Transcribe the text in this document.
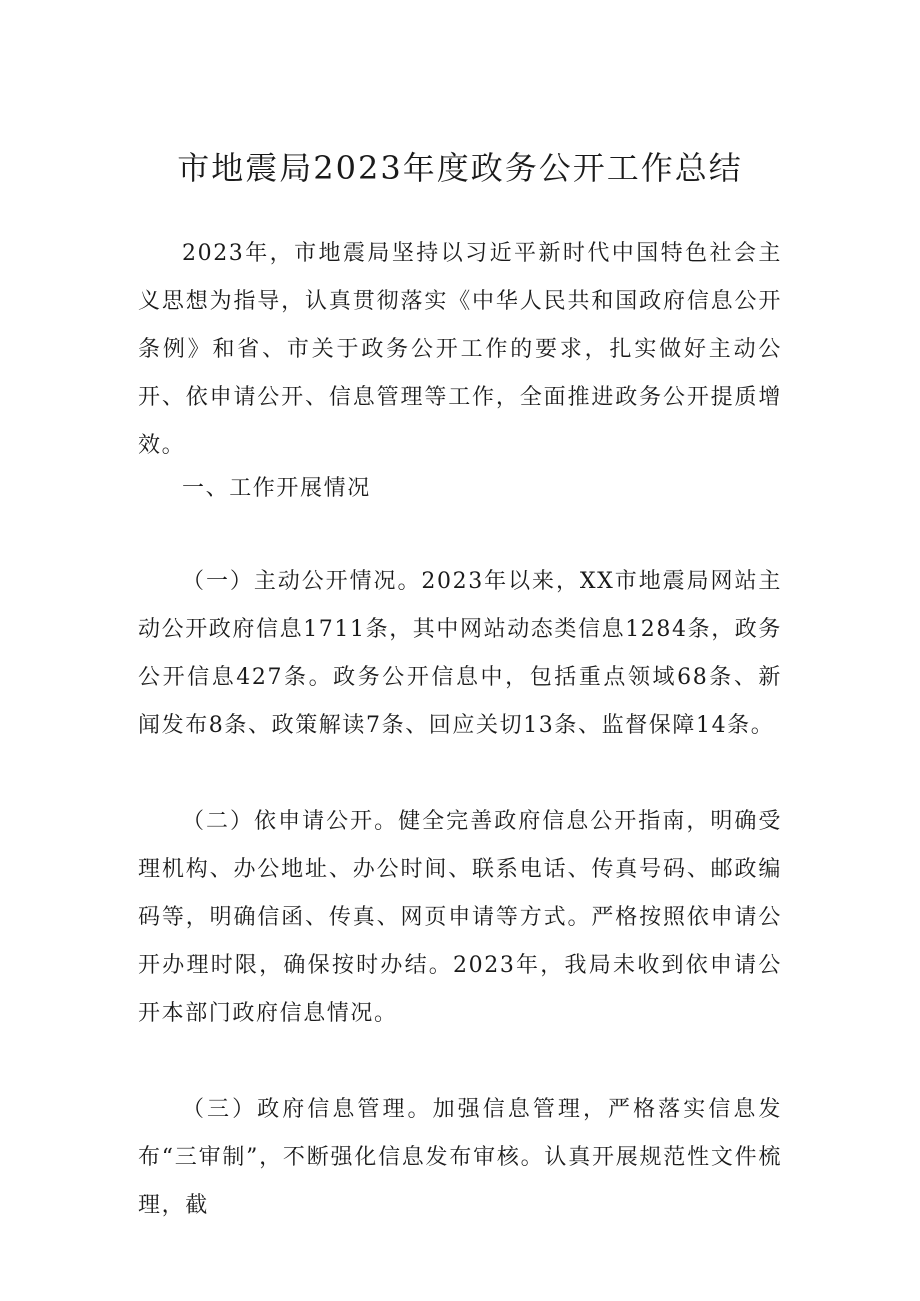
市地震局2023年度政务公开工作总结

2023年，市地震局坚持以习近平新时代中国特色社会主义思想为指导，认真贯彻落实《中华人民共和国政府信息公开条例》和省、市关于政务公开工作的要求，扎实做好主动公开、依申请公开、信息管理等工作，全面推进政务公开提质增效。

一、工作开展情况

（一）主动公开情况。2023年以来，XX市地震局网站主动公开政府信息1711条，其中网站动态类信息1284条，政务公开信息427条。政务公开信息中，包括重点领域68条、新闻发布8条、政策解读7条、回应关切13条、监督保障14条。

（二）依申请公开。健全完善政府信息公开指南，明确受理机构、办公地址、办公时间、联系电话、传真号码、邮政编码等，明确信函、传真、网页申请等方式。严格按照依申请公开办理时限，确保按时办结。2023年，我局未收到依申请公开本部门政府信息情况。

（三）政府信息管理。加强信息管理，严格落实信息发布“三审制”，不断强化信息发布审核。认真开展规范性文件梳理，截
